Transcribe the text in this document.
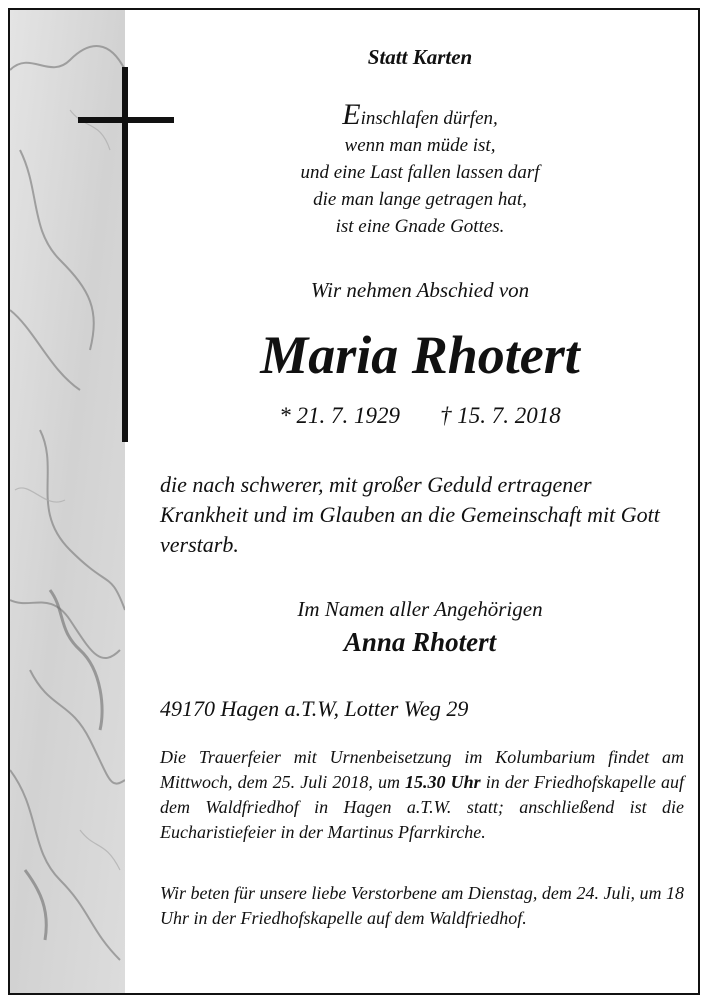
Statt Karten
Einschlafen dürfen,
wenn man müde ist,
und eine Last fallen lassen darf
die man lange getragen hat,
ist eine Gnade Gottes.
Wir nehmen Abschied von
Maria Rhotert
* 21. 7. 1929 † 15. 7. 2018
die nach schwerer, mit großer Geduld ertragener Krankheit und im Glauben an die Gemeinschaft mit Gott verstarb.
Im Namen aller Angehörigen
Anna Rhotert
49170 Hagen a.T.W, Lotter Weg 29
Die Trauerfeier mit Urnenbeisetzung im Kolumbarium findet am Mittwoch, dem 25. Juli 2018, um 15.30 Uhr in der Friedhofskapelle auf dem Waldfriedhof in Hagen a.T.W. statt; anschließend ist die Eucharistiefeier in der Martinus Pfarrkirche.
Wir beten für unsere liebe Verstorbene am Dienstag, dem 24. Juli, um 18 Uhr in der Friedhofskapelle auf dem Waldfriedhof.
